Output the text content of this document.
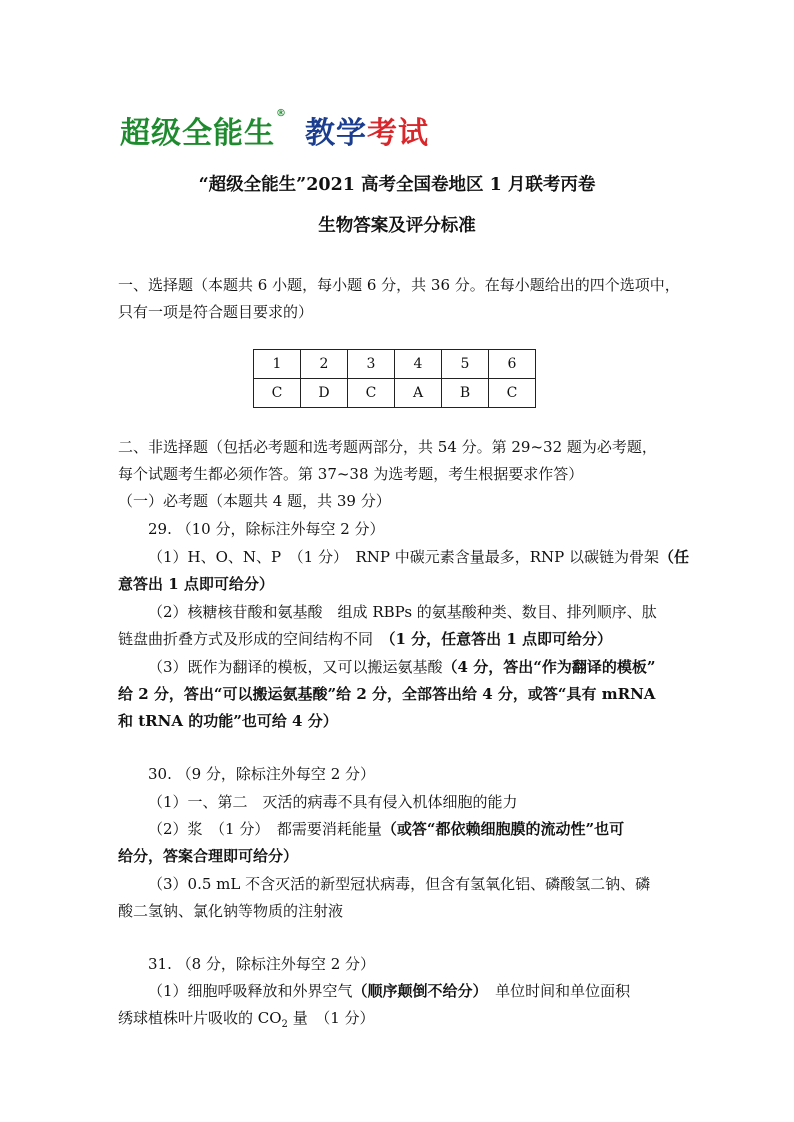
超级全能生®教学考试
“超级全能生”2021 高考全国卷地区 1 月联考丙卷
生物答案及评分标准
一、选择题（本题共 6 小题，每小题 6 分，共 36 分。在每小题给出的四个选项中，
只有一项是符合题目要求的）
1	2	3	4	5	6
C	D	C	A	B	C
二、非选择题（包括必考题和选考题两部分，共 54 分。第 29~32 题为必考题，
每个试题考生都必须作答。第 37~38 为选考题，考生根据要求作答）
（一）必考题（本题共 4 题，共 39 分）
29. （10 分，除标注外每空 2 分）
（1）H、O、N、P　（1 分）　RNP 中碳元素含量最多，RNP 以碳链为骨架（任
意答出 1 点即可给分）
（2）核糖核苷酸和氨基酸　组成 RBPs 的氨基酸种类、数目、排列顺序、肽
链盘曲折叠方式及形成的空间结构不同　（1 分，任意答出 1 点即可给分）
（3）既作为翻译的模板，又可以搬运氨基酸（4 分，答出“作为翻译的模板”
给 2 分，答出“可以搬运氨基酸”给 2 分，全部答出给 4 分，或答“具有 mRNA
和 tRNA 的功能”也可给 4 分）
30. （9 分，除标注外每空 2 分）
（1）一、第二　灭活的病毒不具有侵入机体细胞的能力
（2）浆　（1 分）　都需要消耗能量（或答“都依赖细胞膜的流动性”也可
给分，答案合理即可给分）
（3）0.5 mL 不含灭活的新型冠状病毒，但含有氢氧化铝、磷酸氢二钠、磷
酸二氢钠、氯化钠等物质的注射液
31. （8 分，除标注外每空 2 分）
（1）细胞呼吸释放和外界空气（顺序颠倒不给分）　单位时间和单位面积
绣球植株叶片吸收的 $CO_2$ 量　（1 分）
